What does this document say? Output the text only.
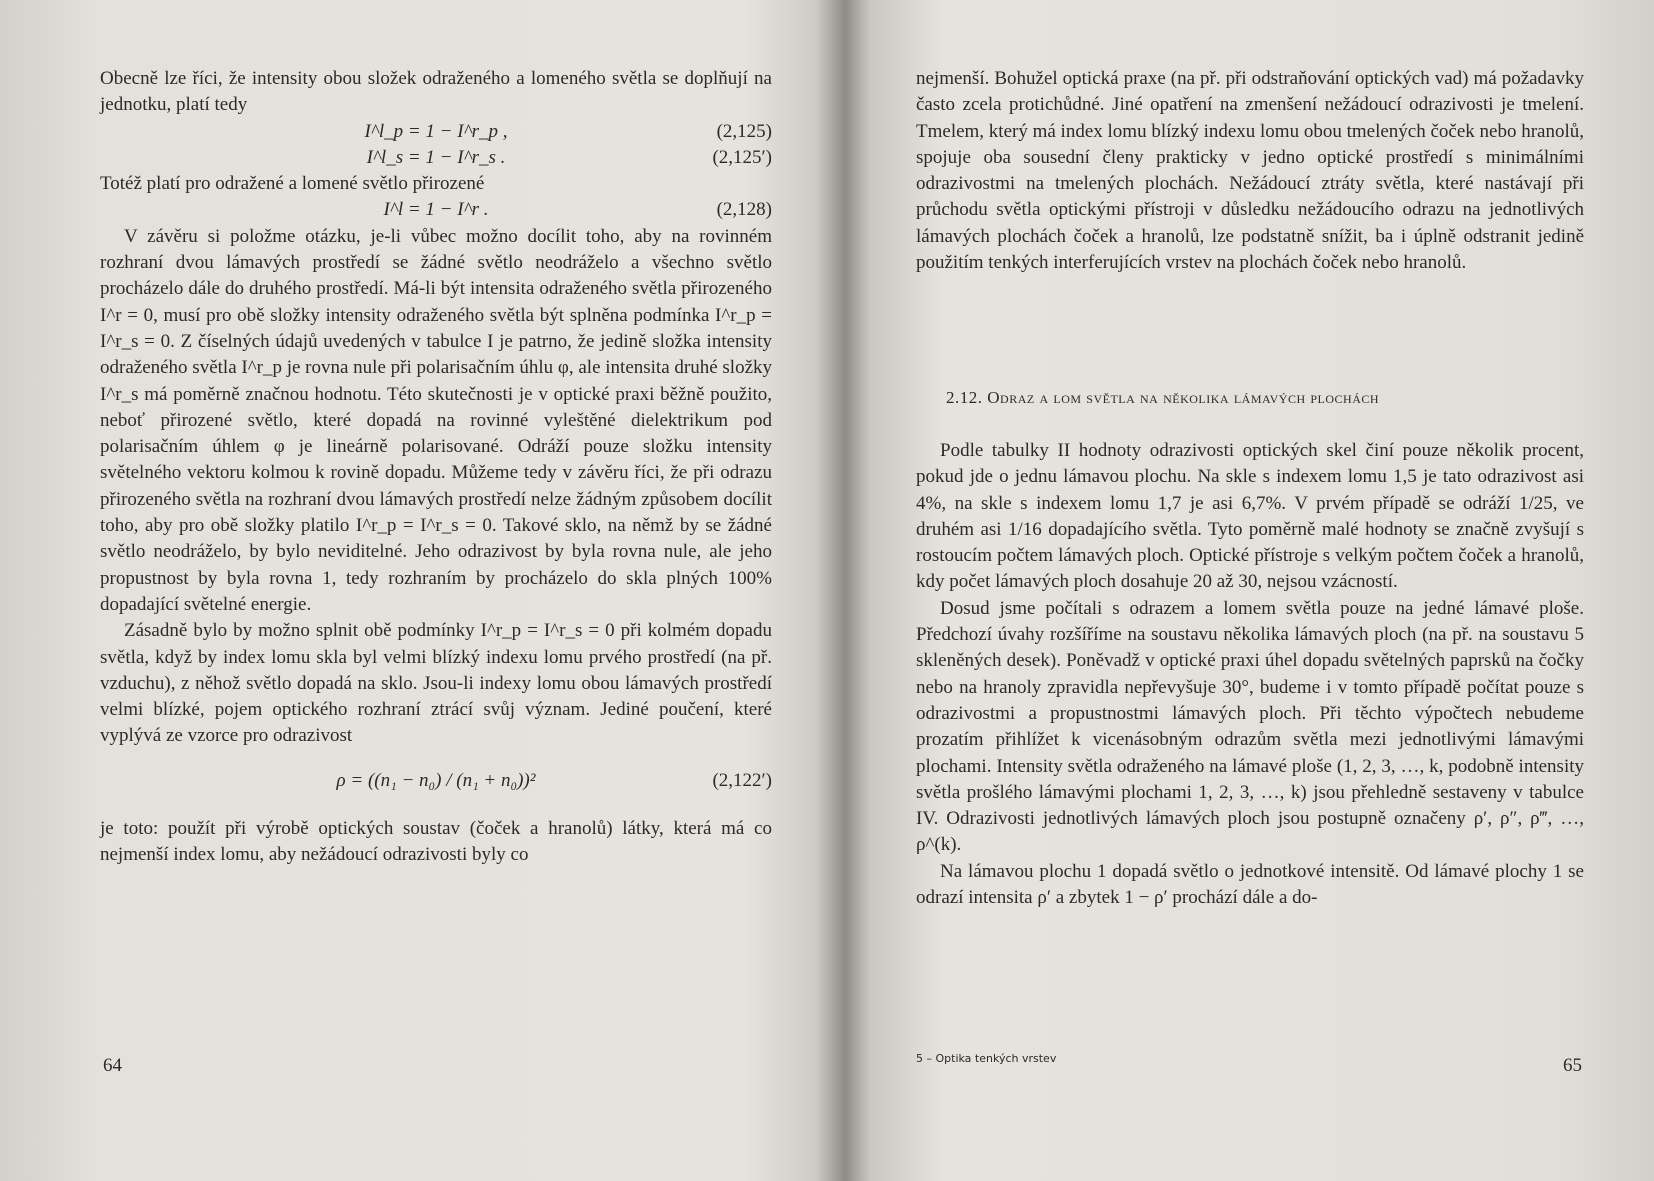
Obecně lze říci, že intensity obou složek odraženého a lomeného světla se doplňují na jednotku, platí tedy

I^l_p = 1 − I^r_p ,	(2,125)
I^l_s = 1 − I^r_s .	(2,125′)

Totéž platí pro odražené a lomené světlo přirozené

I^l = 1 − I^r .	(2,128)

V závěru si položme otázku, je-li vůbec možno docílit toho, aby na rovinném rozhraní dvou lámavých prostředí se žádné světlo neodráželo a všechno světlo procházelo dále do druhého prostředí. Má-li být intensita odraženého světla přirozeného I^r = 0, musí pro obě složky intensity odraženého světla být splněna podmínka I^r_p = I^r_s = 0. Z číselných údajů uvedených v tabulce I je patrno, že jedině složka intensity odraženého světla I^r_p je rovna nule při polarisačním úhlu φ, ale intensita druhé složky I^r_s má poměrně značnou hodnotu. Této skutečnosti je v optické praxi běžně použito, neboť přirozené světlo, které dopadá na rovinné vyleštěné dielektrikum pod polarisačním úhlem φ je lineárně polarisované. Odráží pouze složku intensity světelného vektoru kolmou k rovině dopadu. Můžeme tedy v závěru říci, že při odrazu přirozeného světla na rozhraní dvou lámavých prostředí nelze žádným způsobem docílit toho, aby pro obě složky platilo I^r_p = I^r_s = 0. Takové sklo, na němž by se žádné světlo neodráželo, by bylo neviditelné. Jeho odrazivost by byla rovna nule, ale jeho propustnost by byla rovna 1, tedy rozhraním by procházelo do skla plných 100% dopadající světelné energie.

Zásadně bylo by možno splnit obě podmínky I^r_p = I^r_s = 0 při kolmém dopadu světla, když by index lomu skla byl velmi blízký indexu lomu prvého prostředí (na př. vzduchu), z něhož světlo dopadá na sklo. Jsou-li indexy lomu obou lámavých prostředí velmi blízké, pojem optického rozhraní ztrácí svůj význam. Jediné poučení, které vyplývá ze vzorce pro odrazivost

ρ = ((n₁ − n₀) / (n₁ + n₀))²	(2,122′)

je toto: použít při výrobě optických soustav (čoček a hranolů) látky, která má co nejmenší index lomu, aby nežádoucí odrazivosti byly co

64

nejmenší. Bohužel optická praxe (na př. při odstraňování optických vad) má požadavky často zcela protichůdné. Jiné opatření na zmenšení nežádoucí odrazivosti je tmelení. Tmelem, který má index lomu blízký indexu lomu obou tmelených čoček nebo hranolů, spojuje oba sousední členy prakticky v jedno optické prostředí s minimálními odrazivostmi na tmelených plochách. Nežádoucí ztráty světla, které nastávají při průchodu světla optickými přístroji v důsledku nežádoucího odrazu na jednotlivých lámavých plochách čoček a hranolů, lze podstatně snížit, ba i úplně odstranit jedině použitím tenkých interferujících vrstev na plochách čoček nebo hranolů.

2.12. Odraz a lom světla na několika lámavých plochách

Podle tabulky II hodnoty odrazivosti optických skel činí pouze několik procent, pokud jde o jednu lámavou plochu. Na skle s indexem lomu 1,5 je tato odrazivost asi 4%, na skle s indexem lomu 1,7 je asi 6,7%. V prvém případě se odráží 1/25, ve druhém asi 1/16 dopadajícího světla. Tyto poměrně malé hodnoty se značně zvyšují s rostoucím počtem lámavých ploch. Optické přístroje s velkým počtem čoček a hranolů, kdy počet lámavých ploch dosahuje 20 až 30, nejsou vzácností.

Dosud jsme počítali s odrazem a lomem světla pouze na jedné lámavé ploše. Předchozí úvahy rozšíříme na soustavu několika lámavých ploch (na př. na soustavu 5 skleněných desek). Poněvadž v optické praxi úhel dopadu světelných paprsků na čočky nebo na hranoly zpravidla nepřevyšuje 30°, budeme i v tomto případě počítat pouze s odrazivostmi a propustnostmi lámavých ploch. Při těchto výpočtech nebudeme prozatím přihlížet k vicenásobným odrazům světla mezi jednotlivými lámavými plochami. Intensity světla odraženého na lámavé ploše (1, 2, 3, …, k, podobně intensity světla prošlého lámavými plochami 1, 2, 3, …, k) jsou přehledně sestaveny v tabulce IV. Odrazivosti jednotlivých lámavých ploch jsou postupně označeny ρ′, ρ″, ρ‴, …, ρ^(k).

Na lámavou plochu 1 dopadá světlo o jednotkové intensitě. Od lámavé plochy 1 se odrazí intensita ρ′ a zbytek 1 − ρ′ prochází dále a do-

5 – Optika tenkých vrstev	65
